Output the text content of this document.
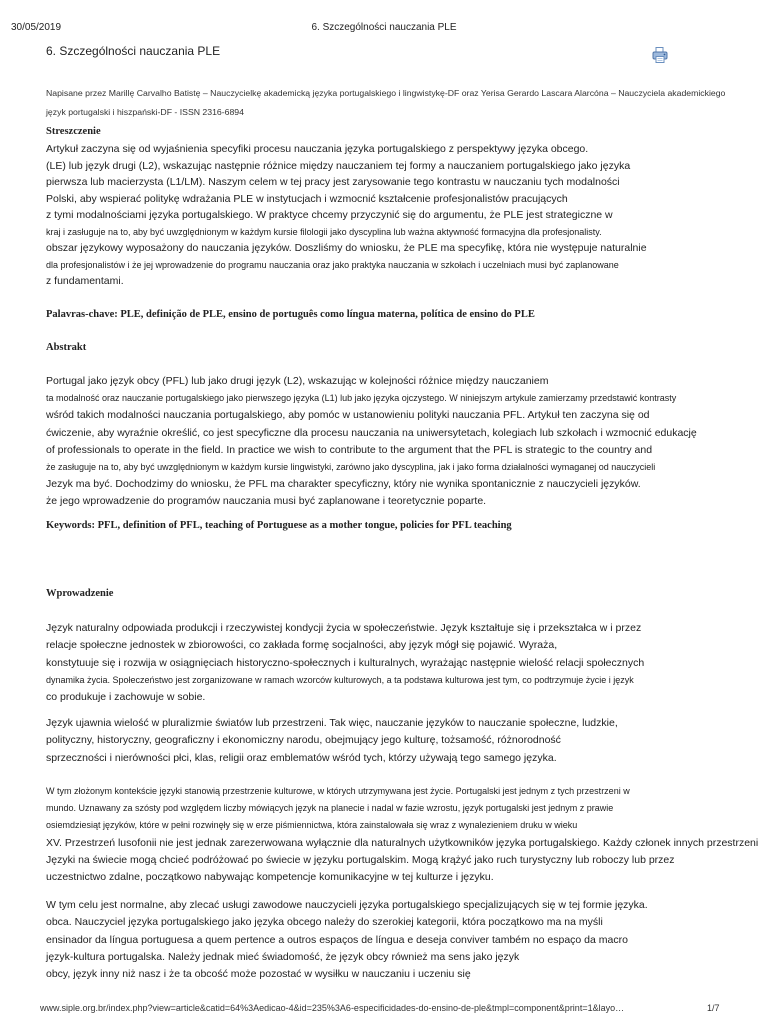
30/05/2019	6. Szczególności nauczania PLE
6. Szczególności nauczania PLE
Napisane przez Marillę Carvalho Batistę – Nauczycielkę akademicką języka portugalskiego i lingwistykę-DF oraz Yerisa Gerardo Lascara Alarcóna – Nauczyciela akademickiego
język portugalski i hiszpański-DF - ISSN 2316-6894
Streszczenie
Artykuł zaczyna się od wyjaśnienia specyfiki procesu nauczania języka portugalskiego z perspektywy języka obcego.
(LE) lub język drugi (L2), wskazując następnie różnice między nauczaniem tej formy a nauczaniem portugalskiego jako języka
pierwsza lub macierzysta (L1/LM). Naszym celem w tej pracy jest zarysowanie tego kontrastu w nauczaniu tych modalności
Polski, aby wspierać politykę wdrażania PLE w instytucjach i wzmocnić kształcenie profesjonalistów pracujących
z tymi modalnościami języka portugalskiego. W praktyce chcemy przyczynić się do argumentu, że PLE jest strategiczne w
kraj i zasługuje na to, aby być uwzględnionym w każdym kursie filologii jako dyscyplina lub ważna aktywność formacyjna dla profesjonalisty.
obszar językowy wyposażony do nauczania języków. Doszliśmy do wniosku, że PLE ma specyfikę, która nie występuje naturalnie
dla profesjonalistów i że jej wprowadzenie do programu nauczania oraz jako praktyka nauczania w szkołach i uczelniach musi być zaplanowane
z fundamentami.
Palavras-chave: PLE, definição de PLE, ensino de português como língua materna, política de ensino do PLE
Abstrakt
Portugal jako język obcy (PFL) lub jako drugi język (L2), wskazując w kolejności różnice między nauczaniem
ta modalność oraz nauczanie portugalskiego jako pierwszego języka (L1) lub jako języka ojczystego. W niniejszym artykule zamierzamy przedstawić kontrasty
wśród takich modalności nauczania portugalskiego, aby pomóc w ustanowieniu polityki nauczania PFL. Artykuł ten zaczyna się od
ćwiczenie, aby wyraźnie określić, co jest specyficzne dla procesu nauczania na uniwersytetach, kolegiach lub szkołach i wzmocnić edukację
of professionals to operate in the field. In practice we wish to contribute to the argument that the PFL is strategic to the country and
że zasługuje na to, aby być uwzględnionym w każdym kursie lingwistyki, zarówno jako dyscyplina, jak i jako forma działalności wymaganej od nauczycieli
Jezyk ma być. Dochodzimy do wniosku, że PFL ma charakter specyficzny, który nie wynika spontanicznie z nauczycieli języków.
że jego wprowadzenie do programów nauczania musi być zaplanowane i teoretycznie poparte.
Keywords: PFL, definition of PFL, teaching of Portuguese as a mother tongue, policies for PFL teaching
Wprowadzenie
Język naturalny odpowiada produkcji i rzeczywistej kondycji życia w społeczeństwie. Język kształtuje się i przekształca w i przez
relacje społeczne jednostek w zbiorowości, co zakłada formę socjalności, aby język mógł się pojawić. Wyraża,
konstytuuje się i rozwija w osiągnięciach historyczno-społecznych i kulturalnych, wyrażając następnie wielość relacji społecznych
dynamika życia. Społeczeństwo jest zorganizowane w ramach wzorców kulturowych, a ta podstawa kulturowa jest tym, co podtrzymuje życie i język
co produkuje i zachowuje w sobie.
Język ujawnia wielość w pluralizmie światów lub przestrzeni. Tak więc, nauczanie języków to nauczanie społeczne, ludzkie,
polityczny, historyczny, geograficzny i ekonomiczny narodu, obejmujący jego kulturę, tożsamość, różnorodność
sprzeczności i nierówności płci, klas, religii oraz emblematów wśród tych, którzy używają tego samego języka.
W tym złożonym kontekście języki stanowią przestrzenie kulturowe, w których utrzymywana jest życie. Portugalski jest jednym z tych przestrzeni w
mundo. Uznawany za szósty pod względem liczby mówiących język na planecie i nadal w fazie wzrostu, język portugalski jest jednym z prawie
osiemdziesiąt języków, które w pełni rozwinęły się w erze piśmiennictwa, która zainstalowała się wraz z wynalezieniem druku w wieku
XV. Przestrzeń lusofonii nie jest jednak zarezerwowana wyłącznie dla naturalnych użytkowników języka portugalskiego. Każdy członek innych przestrzeni
Języki na świecie mogą chcieć podróżować po świecie w języku portugalskim. Mogą krążyć jako ruch turystyczny lub roboczy lub przez
uczestnictwo zdalne, początkowo nabywając kompetencje komunikacyjne w tej kulturze i języku.
W tym celu jest normalne, aby zlecać usługi zawodowe nauczycieli języka portugalskiego specjalizujących się w tej formie języka.
obca. Nauczyciel języka portugalskiego jako języka obcego należy do szerokiej kategorii, która początkowo ma na myśli
ensinador da língua portuguesa a quem pertence a outros espaços de língua e deseja conviver também no espaço da macro
język-kultura portugalska. Należy jednak mieć świadomość, że język obcy również ma sens jako język
obcy, język inny niż nasz i że ta obcość może pozostać w wysiłku w nauczaniu i uczeniu się
www.siple.org.br/index.php?view=article&catid=64%3Aedicao-4&id=235%3A6-especificidades-do-ensino-de-ple&tmpl=component&print=1&layo…	1/7
